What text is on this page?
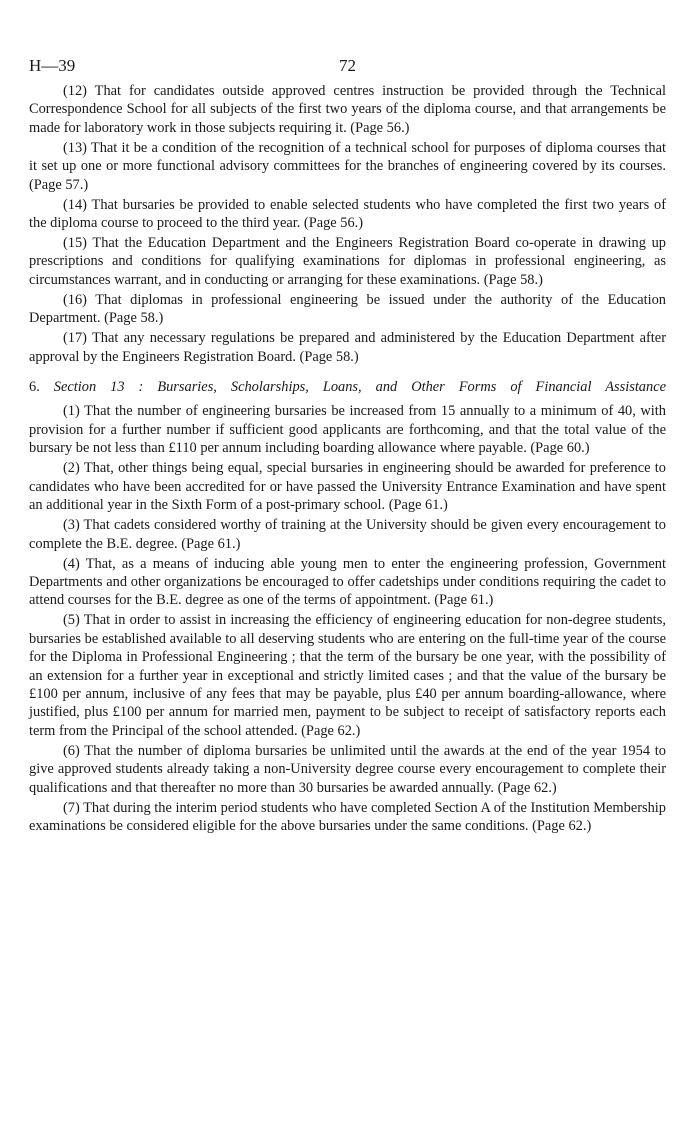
H—39	72

(12) That for candidates outside approved centres instruction be provided through the Technical Correspondence School for all subjects of the first two years of the diploma course, and that arrangements be made for laboratory work in those subjects requiring it. (Page 56.)

(13) That it be a condition of the recognition of a technical school for purposes of diploma courses that it set up one or more functional advisory committees for the branches of engineering covered by its courses. (Page 57.)

(14) That bursaries be provided to enable selected students who have completed the first two years of the diploma course to proceed to the third year. (Page 56.)

(15) That the Education Department and the Engineers Registration Board co-operate in drawing up prescriptions and conditions for qualifying examinations for diplomas in professional engineering, as circumstances warrant, and in conducting or arranging for these examinations. (Page 58.)

(16) That diplomas in professional engineering be issued under the authority of the Education Department. (Page 58.)

(17) That any necessary regulations be prepared and administered by the Education Department after approval by the Engineers Registration Board. (Page 58.)

6. Section 13 : Bursaries, Scholarships, Loans, and Other Forms of Financial Assistance

(1) That the number of engineering bursaries be increased from 15 annually to a minimum of 40, with provision for a further number if sufficient good applicants are forthcoming, and that the total value of the bursary be not less than £110 per annum including boarding allowance where payable. (Page 60.)

(2) That, other things being equal, special bursaries in engineering should be awarded for preference to candidates who have been accredited for or have passed the University Entrance Examination and have spent an additional year in the Sixth Form of a post-primary school. (Page 61.)

(3) That cadets considered worthy of training at the University should be given every encouragement to complete the B.E. degree. (Page 61.)

(4) That, as a means of inducing able young men to enter the engineering profession, Government Departments and other organizations be encouraged to offer cadetships under conditions requiring the cadet to attend courses for the B.E. degree as one of the terms of appointment. (Page 61.)

(5) That in order to assist in increasing the efficiency of engineering education for non-degree students, bursaries be established available to all deserving students who are entering on the full-time year of the course for the Diploma in Professional Engineering ; that the term of the bursary be one year, with the possibility of an extension for a further year in exceptional and strictly limited cases ; and that the value of the bursary be £100 per annum, inclusive of any fees that may be payable, plus £40 per annum boarding-allowance, where justified, plus £100 per annum for married men, payment to be subject to receipt of satisfactory reports each term from the Principal of the school attended. (Page 62.)

(6) That the number of diploma bursaries be unlimited until the awards at the end of the year 1954 to give approved students already taking a non-University degree course every encouragement to complete their qualifications and that thereafter no more than 30 bursaries be awarded annually. (Page 62.)

(7) That during the interim period students who have completed Section A of the Institution Membership examinations be considered eligible for the above bursaries under the same conditions. (Page 62.)
